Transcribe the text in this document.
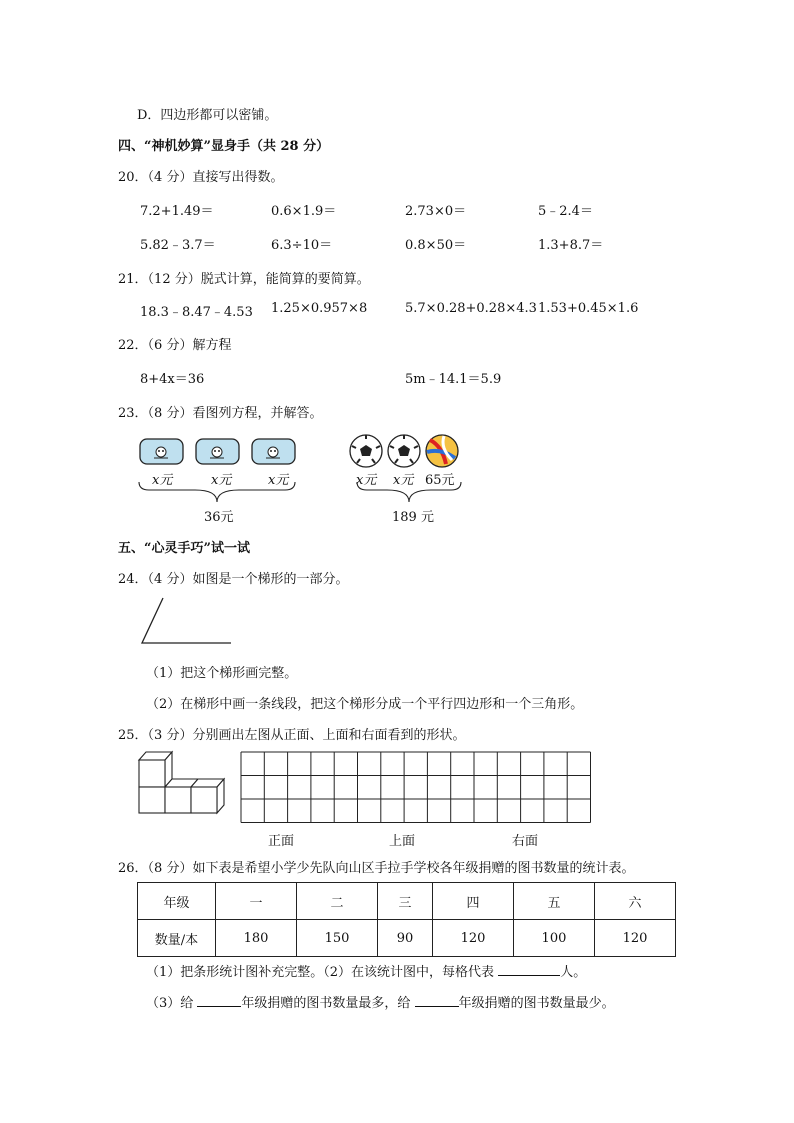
D．四边形都可以密铺。
四、“神机妙算”显身手（共 28 分）
20．（4 分）直接写出得数。
7.2+1.49＝	0.6×1.9＝	2.73×0＝	5﹣2.4＝
5.82﹣3.7＝	6.3÷10＝	0.8×50＝	1.3+8.7＝
21．（12 分）脱式计算，能简算的要简算。
18.3﹣8.47﹣4.53 1.25×0.957×8	5.7×0.28+0.28×4.3 1.53+0.45×1.6
22．（6 分）解方程
8+4x＝36	5m﹣14.1＝5.9
23．（8 分）看图列方程，并解答。
x元	x元	x元
36元
x元 x元 65元
189 元
五、“心灵手巧”试一试
24．（4 分）如图是一个梯形的一部分。
（1）把这个梯形画完整。
（2）在梯形中画一条线段，把这个梯形分成一个平行四边形和一个三角形。
25．（3 分）分别画出左图从正面、上面和右面看到的形状。
正面	上面	右面
26．（8 分）如下表是希望小学少先队向山区手拉手学校各年级捐赠的图书数量的统计表。
年级	一	二	三	四	五	六
数量/本	180	150	90	120	100	120
（1）把条形统计图补充完整。（2）在该统计图中，每格代表	人。
（3）给	年级捐赠的图书数量最多，给	年级捐赠的图书数量最少。
